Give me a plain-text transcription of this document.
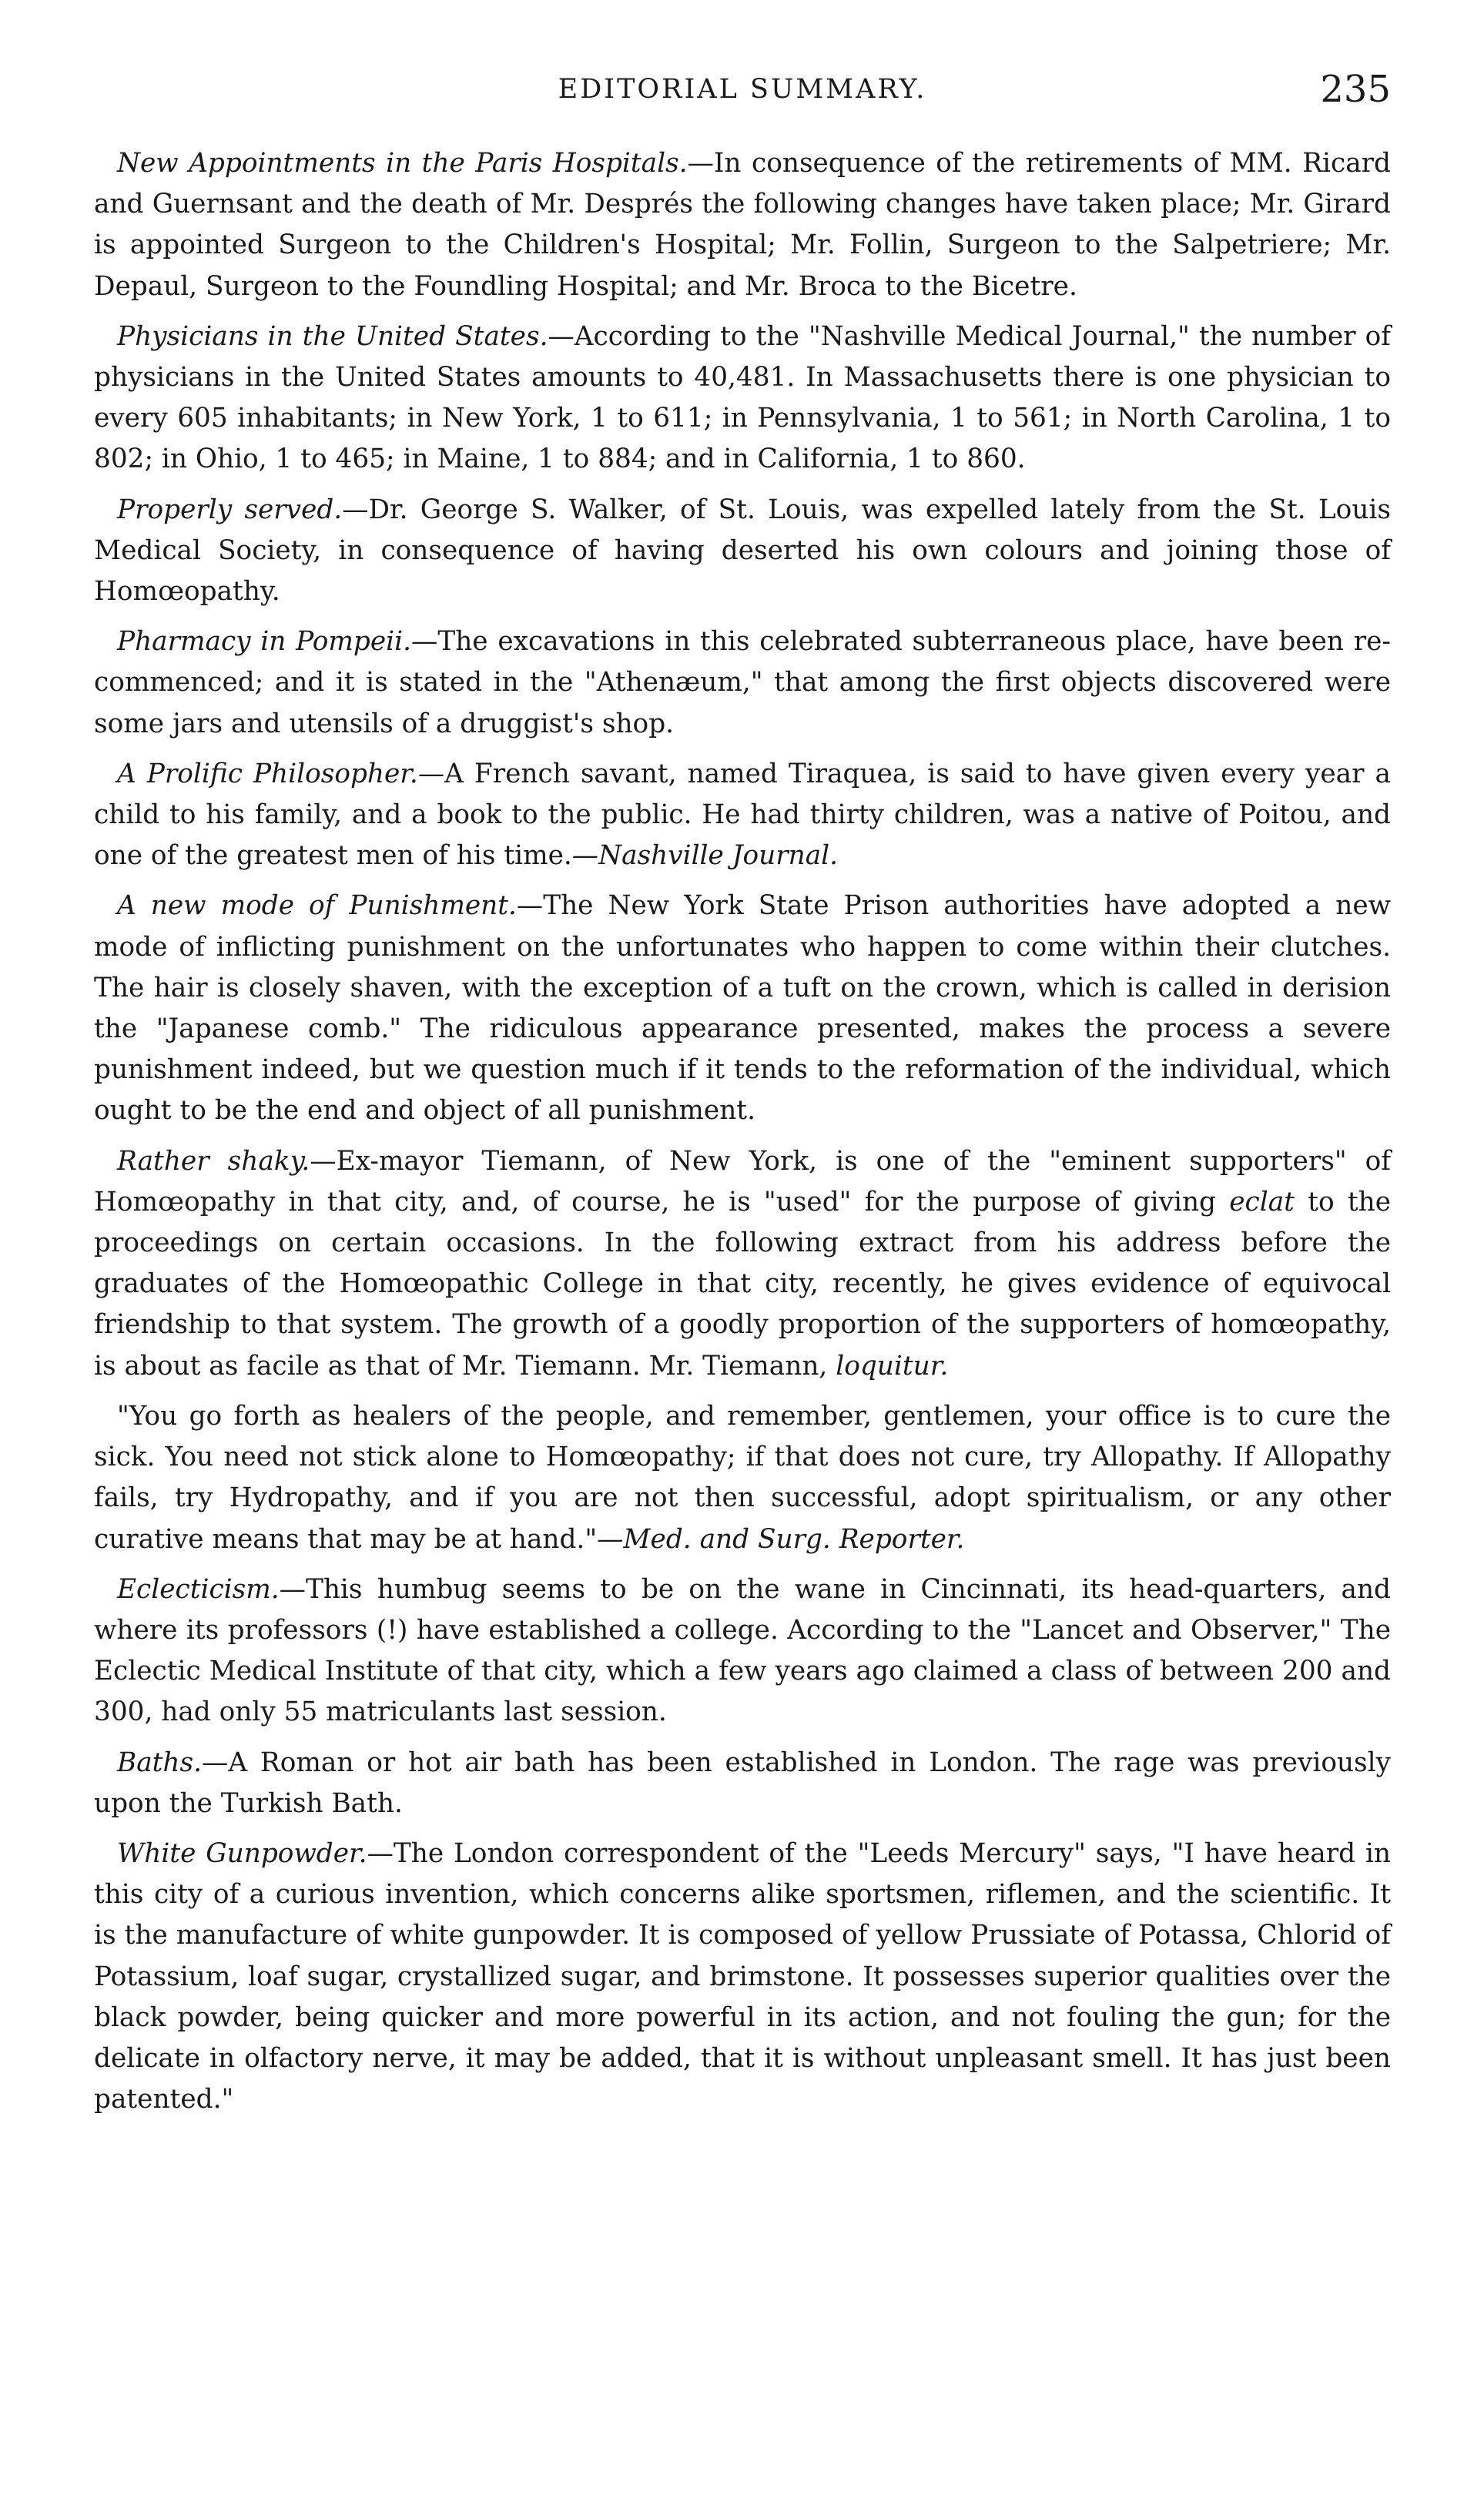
EDITORIAL SUMMARY.	235

New Appointments in the Paris Hospitals.—In consequence of the retirements of MM. Ricard and Guernsant and the death of Mr. Després the following changes have taken place; Mr. Girard is appointed Surgeon to the Children's Hospital; Mr. Follin, Surgeon to the Salpetriere; Mr. Depaul, Surgeon to the Foundling Hospital; and Mr. Broca to the Bicetre.

Physicians in the United States.—According to the "Nashville Medical Journal," the number of physicians in the United States amounts to 40,481. In Massachusetts there is one physician to every 605 inhabitants; in New York, 1 to 611; in Pennsylvania, 1 to 561; in North Carolina, 1 to 802; in Ohio, 1 to 465; in Maine, 1 to 884; and in California, 1 to 860.

Properly served.—Dr. George S. Walker, of St. Louis, was expelled lately from the St. Louis Medical Society, in consequence of having deserted his own colours and joining those of Homœopathy.

Pharmacy in Pompeii.—The excavations in this celebrated subterraneous place, have been re-commenced; and it is stated in the "Athenæum," that among the first objects discovered were some jars and utensils of a druggist's shop.

A Prolific Philosopher.—A French savant, named Tiraquea, is said to have given every year a child to his family, and a book to the public. He had thirty children, was a native of Poitou, and one of the greatest men of his time.—Nashville Journal.

A new mode of Punishment.—The New York State Prison authorities have adopted a new mode of inflicting punishment on the unfortunates who happen to come within their clutches. The hair is closely shaven, with the exception of a tuft on the crown, which is called in derision the "Japanese comb." The ridiculous appearance presented, makes the process a severe punishment indeed, but we question much if it tends to the reformation of the individual, which ought to be the end and object of all punishment.

Rather shaky.—Ex-mayor Tiemann, of New York, is one of the "eminent supporters" of Homœopathy in that city, and, of course, he is "used" for the purpose of giving eclat to the proceedings on certain occasions. In the following extract from his address before the graduates of the Homœopathic College in that city, recently, he gives evidence of equivocal friendship to that system. The growth of a goodly proportion of the supporters of homœopathy, is about as facile as that of Mr. Tiemann. Mr. Tiemann, loquitur.

"You go forth as healers of the people, and remember, gentlemen, your office is to cure the sick. You need not stick alone to Homœopathy; if that does not cure, try Allopathy. If Allopathy fails, try Hydropathy, and if you are not then successful, adopt spiritualism, or any other curative means that may be at hand."—Med. and Surg. Reporter.

Eclecticism.—This humbug seems to be on the wane in Cincinnati, its head-quarters, and where its professors (!) have established a college. According to the "Lancet and Observer," The Eclectic Medical Institute of that city, which a few years ago claimed a class of between 200 and 300, had only 55 matriculants last session.

Baths.—A Roman or hot air bath has been established in London. The rage was previously upon the Turkish Bath.

White Gunpowder.—The London correspondent of the "Leeds Mercury" says, "I have heard in this city of a curious invention, which concerns alike sportsmen, riflemen, and the scientific. It is the manufacture of white gunpowder. It is composed of yellow Prussiate of Potassa, Chlorid of Potassium, loaf sugar, crystallized sugar, and brimstone. It possesses superior qualities over the black powder, being quicker and more powerful in its action, and not fouling the gun; for the delicate in olfactory nerve, it may be added, that it is without unpleasant smell. It has just been patented."
